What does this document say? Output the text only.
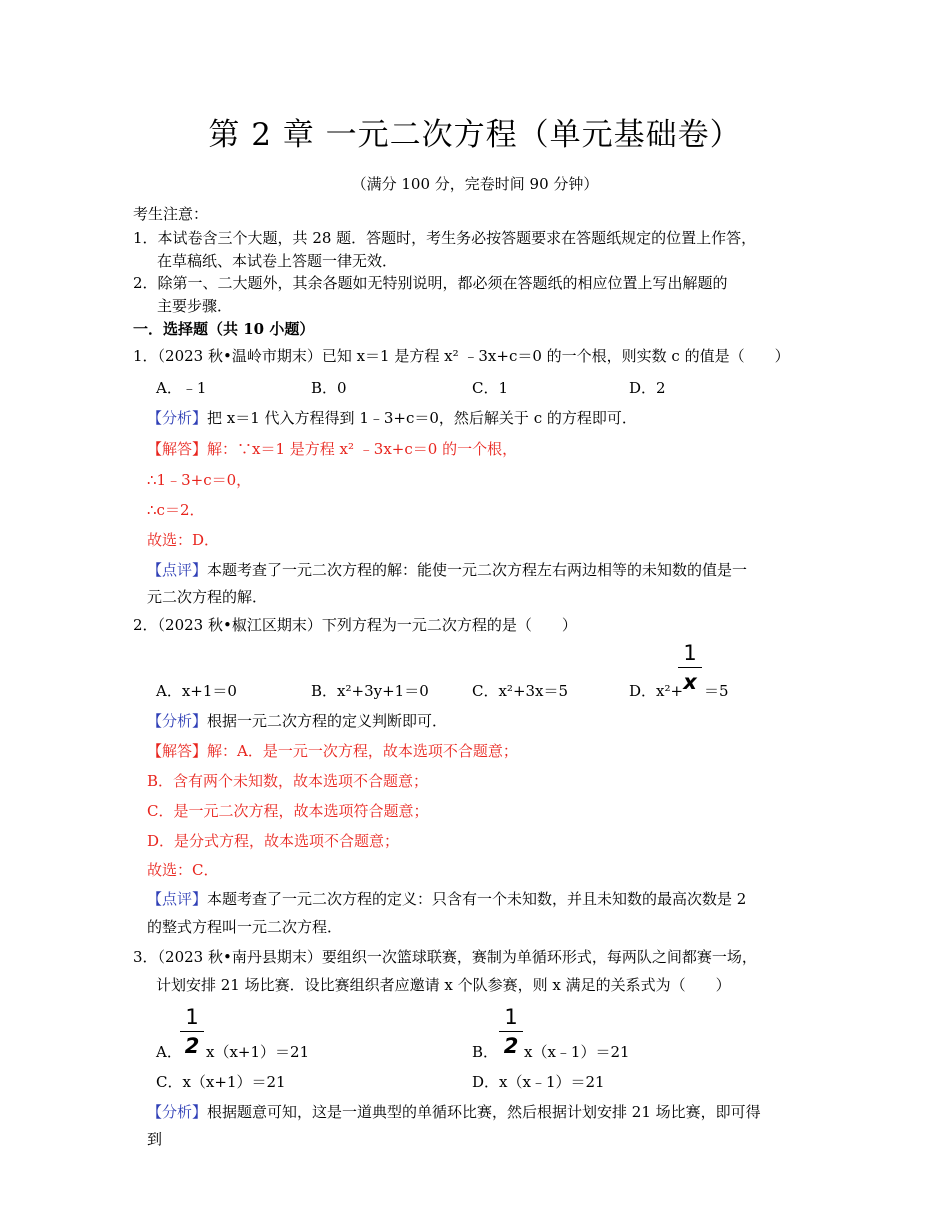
第 2 章 一元二次方程（单元基础卷）
（满分 100 分，完卷时间 90 分钟）
考生注意：
1．本试卷含三个大题，共 28 题．答题时，考生务必按答题要求在答题纸规定的位置上作答，
在草稿纸、本试卷上答题一律无效．
2．除第一、二大题外，其余各题如无特别说明，都必须在答题纸的相应位置上写出解题的
主要步骤．
一．选择题（共 10 小题）
1．（2023 秋•温岭市期末）已知 x＝1 是方程 x² ﹣3x+c＝0 的一个根，则实数 c 的值是（　　）
A．﹣1	B．0	C．1	D．2
【分析】把 x＝1 代入方程得到 1﹣3+c＝0，然后解关于 c 的方程即可．
【解答】解：∵x＝1 是方程 x² ﹣3x+c＝0 的一个根，
∴1﹣3+c＝0，
∴c＝2．
故选：D．
【点评】本题考查了一元二次方程的解：能使一元二次方程左右两边相等的未知数的值是一
元二次方程的解．
2．（2023 秋•椒江区期末）下列方程为一元二次方程的是（　　）
A．x+1＝0	B．x²+3y+1＝0	C．x²+3x＝5	D．x²+
1
x ＝5
【分析】根据一元二次方程的定义判断即可．
【解答】解：A．是一元一次方程，故本选项不合题意；
B．含有两个未知数，故本选项不合题意；
C．是一元二次方程，故本选项符合题意；
D．是分式方程，故本选项不合题意；
故选：C．
【点评】本题考查了一元二次方程的定义：只含有一个未知数，并且未知数的最高次数是 2
的整式方程叫一元二次方程．
3．（2023 秋•南丹县期末）要组织一次篮球联赛，赛制为单循环形式，每两队之间都赛一场，
计划安排 21 场比赛．设比赛组织者应邀请 x 个队参赛，则 x 满足的关系式为（　　）
A．
1
2 x（x+1）＝21	B．
1
2 x（x﹣1）＝21
C．x（x+1）＝21	D．x（x﹣1）＝21
【分析】根据题意可知，这是一道典型的单循环比赛，然后根据计划安排 21 场比赛，即可得
到
